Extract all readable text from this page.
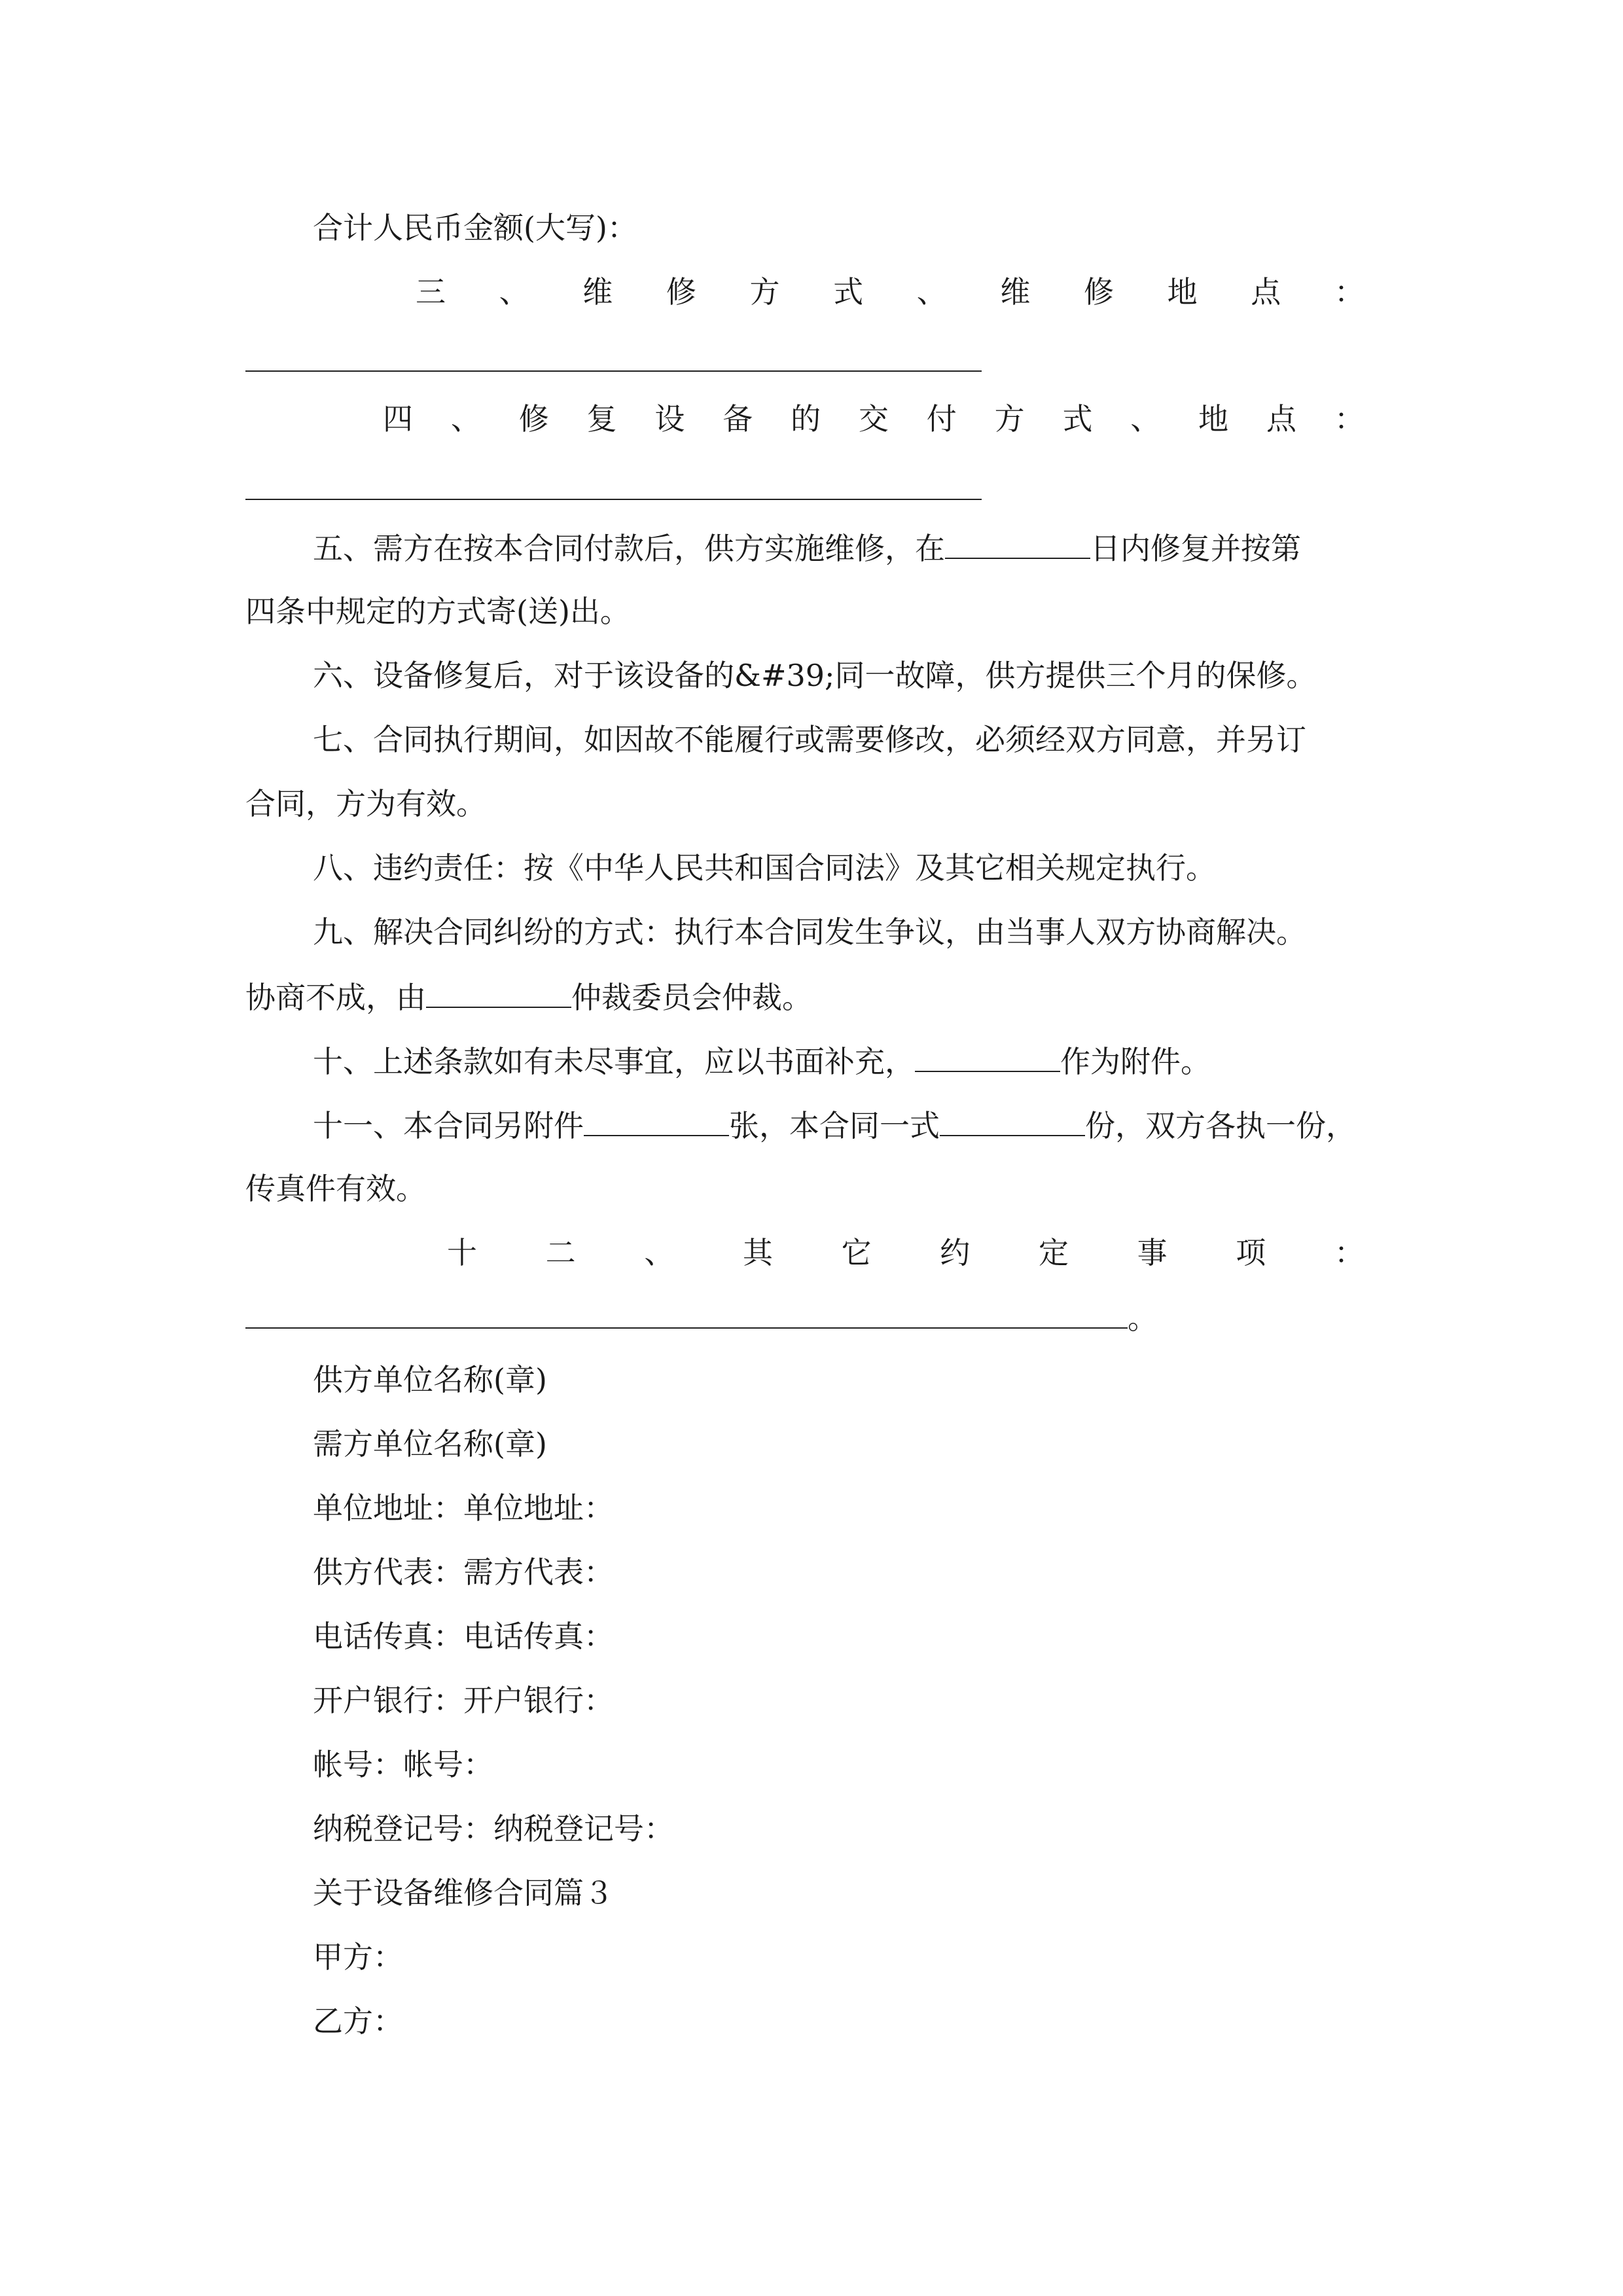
合计人民币金额(大写)：
三 、 维 修 方 式 、 维 修 地 点 ：
四 、 修 复 设 备 的 交 付 方 式 、 地 点 ：
五、需方在按本合同付款后，供方实施维修，在	日内修复并按第
四条中规定的方式寄(送)出。
六、设备修复后，对于该设备的&#39;同一故障，供方提供三个月的保修。
七、合同执行期间，如因故不能履行或需要修改，必须经双方同意，并另订
合同，方为有效。
八、违约责任：按《中华人民共和国合同法》及其它相关规定执行。
九、解决合同纠纷的方式：执行本合同发生争议，由当事人双方协商解决。
协商不成，由	仲裁委员会仲裁。
十、上述条款如有未尽事宜，应以书面补充，	作为附件。
十一、本合同另附件	张，本合同一式	份，双方各执一份，
传真件有效。
十 二 、 其 它 约 定 事 项 ：
。
供方单位名称(章)
需方单位名称(章)
单位地址：单位地址：
供方代表：需方代表：
电话传真：电话传真：
开户银行：开户银行：
帐号：帐号：
纳税登记号：纳税登记号：
关于设备维修合同篇３
甲方：
乙方：
